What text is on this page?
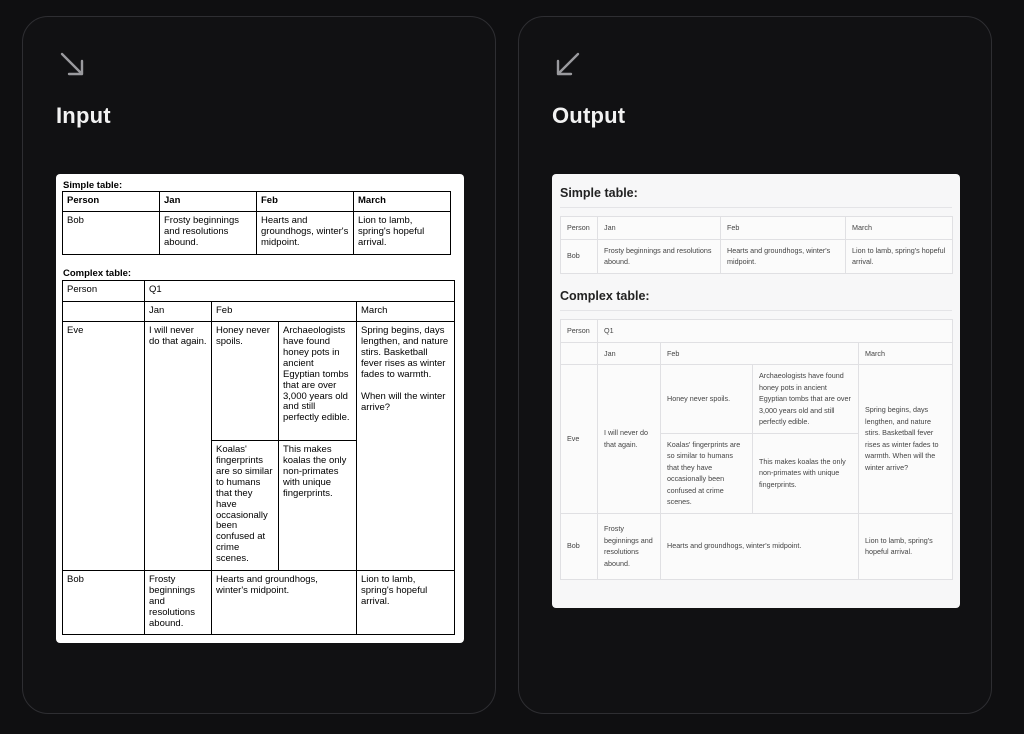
Input
Simple table:
Person	Jan	Feb	March
Bob	Frosty beginnings and resolutions abound.	Hearts and groundhogs, winter's midpoint.	Lion to lamb, spring's hopeful arrival.
Complex table:
Person	Q1			
	Jan	Feb		March
Eve	I will never do that again.	Honey never spoils.	Archaeologists have found honey pots in ancient Egyptian tombs that are over 3,000 years old and still perfectly edible.	Spring begins, days lengthen, and nature stirs. Basketball fever rises as winter fades to warmth.
When will the winter arrive?

		Koalas' fingerprints are so similar to humans that they have occasionally been confused at crime scenes.	This makes koalas the only non-primates with unique fingerprints.	
Bob	Frosty beginnings and resolutions abound.	Hearts and groundhogs, winter's midpoint.		Lion to lamb, spring's hopeful arrival.
Output
Simple table:
Person	Jan	Feb	March
Bob	Frosty beginnings and resolutions abound.	Hearts and groundhogs, winter's midpoint.	Lion to lamb, spring's hopeful arrival.
Complex table:
Person	Q1			
	Jan	Feb		March
Eve	I will never do that again.	Honey never spoils.	Archaeologists have found honey pots in ancient Egyptian tombs that are over 3,000 years old and still perfectly edible.	Spring begins, days lengthen, and nature stirs. Basketball fever rises as winter fades to warmth. When will the winter arrive?
		Koalas' fingerprints are so similar to humans that they have occasionally been confused at crime scenes.	This makes koalas the only non-primates with unique fingerprints.	
Bob	Frosty beginnings and resolutions abound.	Hearts and groundhogs, winter's midpoint.		Lion to lamb, spring's hopeful arrival.
